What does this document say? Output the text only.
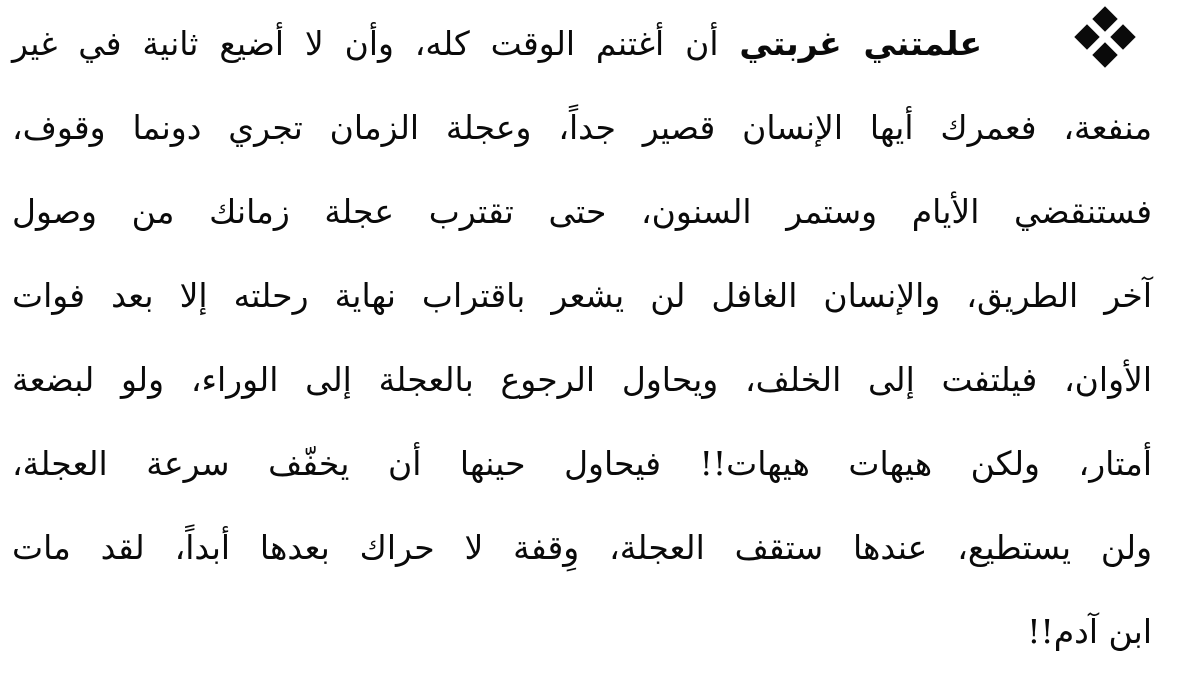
علمتني غربتي أن أغتنم الوقت كله، وأن لا أضيع ثانية في غير
منفعة، فعمرك أيها الإنسان قصير جداً، وعجلة الزمان تجري دونما وقوف،
فستنقضي الأيام وستمر السنون، حتى تقترب عجلة زمانك من وصول
آخر الطريق، والإنسان الغافل لن يشعر باقتراب نهاية رحلته إلا بعد فوات
الأوان، فيلتفت إلى الخلف، ويحاول الرجوع بالعجلة إلى الوراء، ولو لبضعة
أمتار، ولكن هيهات هيهات!! فيحاول حينها أن يخفّف سرعة العجلة،
ولن يستطيع، عندها ستقف العجلة، وِقفة لا حراك بعدها أبداً، لقد مات
ابن آدم!!
